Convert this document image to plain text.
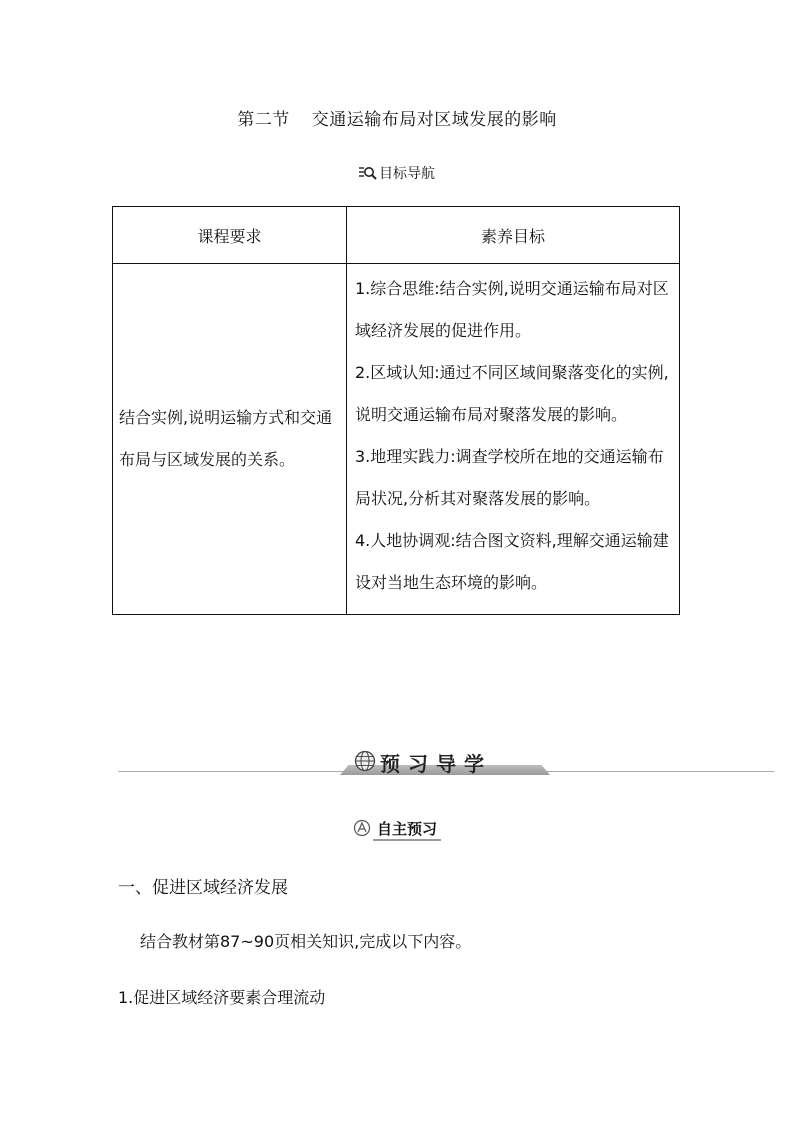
第二节 交通运输布局对区域发展的影响
目标导航
课程要求	素养目标
结合实例,说明运输方式和交通布局与区域发展的关系。	1.综合思维:结合实例,说明交通运输布局对区域经济发展的促进作用。

2.区域认知:通过不同区域间聚落变化的实例,说明交通运输布局对聚落发展的影响。

3.地理实践力:调查学校所在地的交通运输布局状况,分析其对聚落发展的影响。

4.人地协调观:结合图文资料,理解交通运输建设对当地生态环境的影响。

预习导学
自主预习
一、促进区域经济发展
结合教材第87~90页相关知识,完成以下内容。
1.促进区域经济要素合理流动
